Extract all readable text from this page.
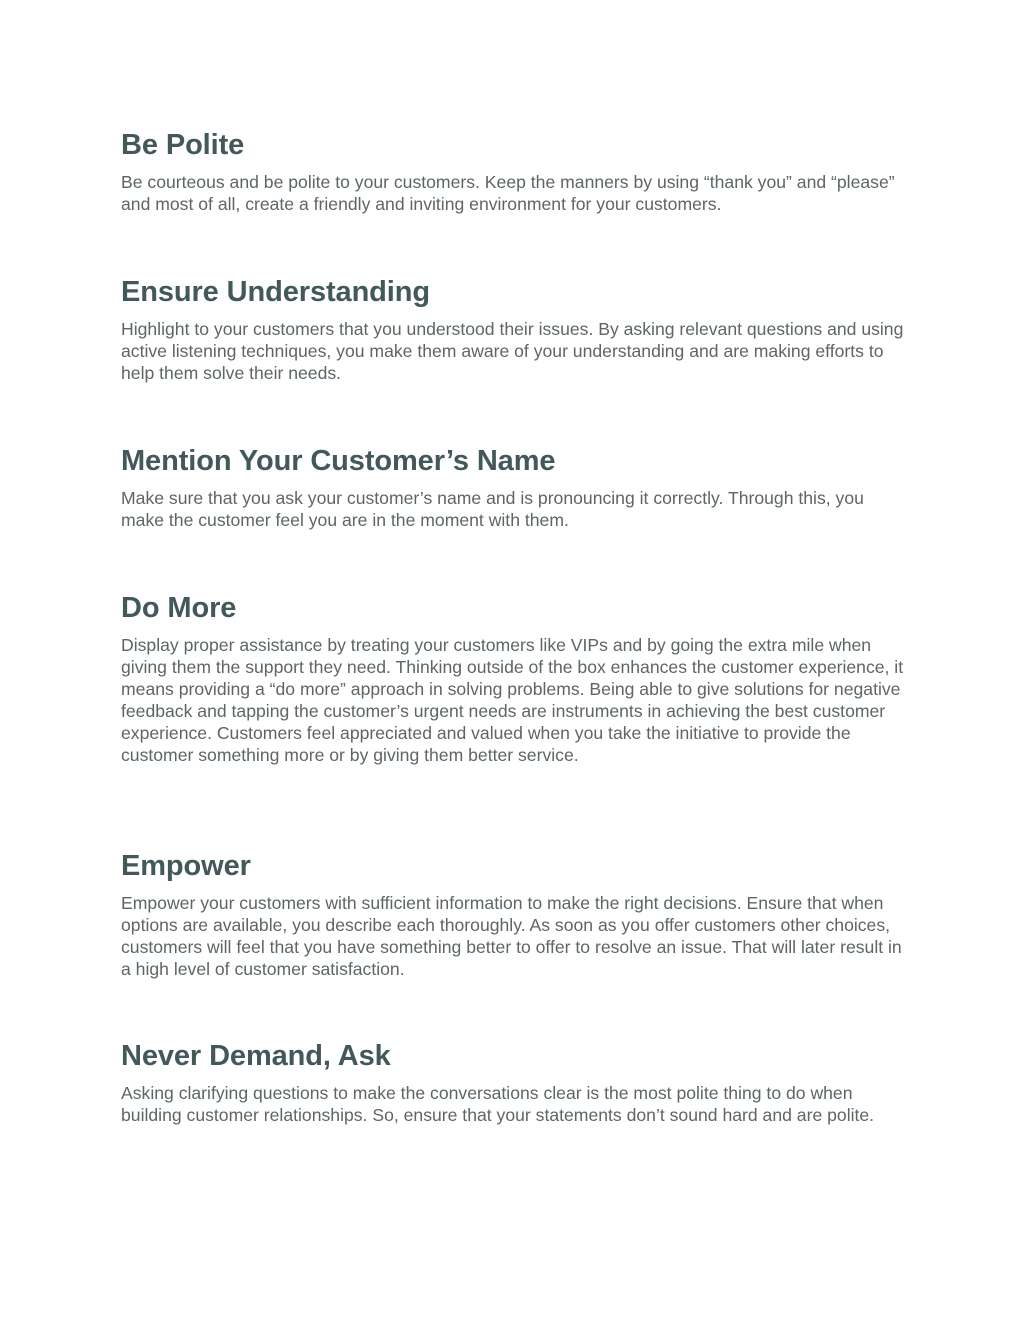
Be Polite

Be courteous and be polite to your customers. Keep the manners by using “thank you” and “please” and most of all, create a friendly and inviting environment for your customers.

Ensure Understanding

Highlight to your customers that you understood their issues. By asking relevant questions and using active listening techniques, you make them aware of your understanding and are making efforts to help them solve their needs.

Mention Your Customer’s Name

Make sure that you ask your customer’s name and is pronouncing it correctly. Through this, you make the customer feel you are in the moment with them.

Do More

Display proper assistance by treating your customers like VIPs and by going the extra mile when giving them the support they need. Thinking outside of the box enhances the customer experience, it means providing a “do more” approach in solving problems. Being able to give solutions for negative feedback and tapping the customer’s urgent needs are instruments in achieving the best customer experience. Customers feel appreciated and valued when you take the initiative to provide the customer something more or by giving them better service.

Empower

Empower your customers with sufficient information to make the right decisions. Ensure that when options are available, you describe each thoroughly. As soon as you offer customers other choices, customers will feel that you have something better to offer to resolve an issue. That will later result in a high level of customer satisfaction.

Never Demand, Ask

Asking clarifying questions to make the conversations clear is the most polite thing to do when building customer relationships. So, ensure that your statements don’t sound hard and are polite.
